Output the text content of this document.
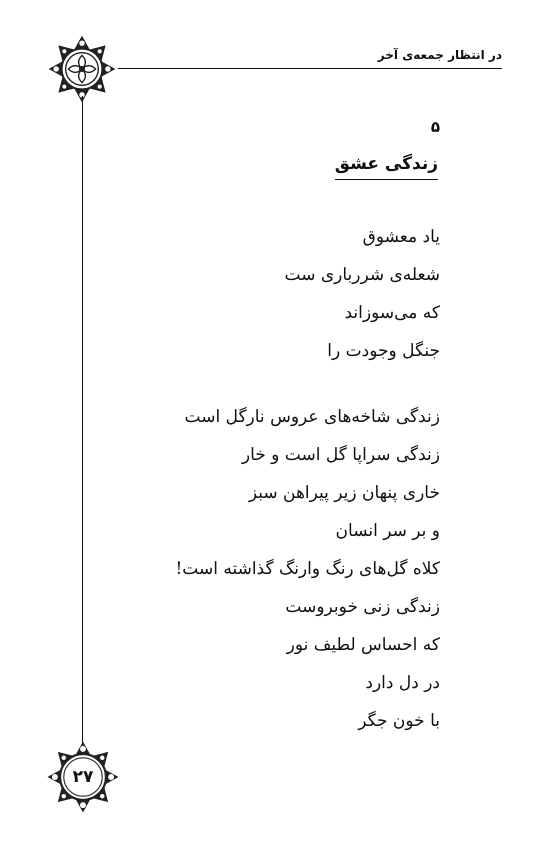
در انتظار جمعه‌ی آخر
۵
زندگی عشق
یاد معشوق
شعله‌ی شررباری ست
که می‌سوزاند
جنگل وجودت را
زندگی شاخه‌های عروس نارگل است
زندگی سراپا گل است و خار
خاری پنهان زیر پیراهن سبز
و بر سر انسان
کلاه گل‌های رنگ وارنگ گذاشته است!
زندگی زنی خوبروست
که احساس لطیف نور
در دل دارد
با خون جگر
۲۷
